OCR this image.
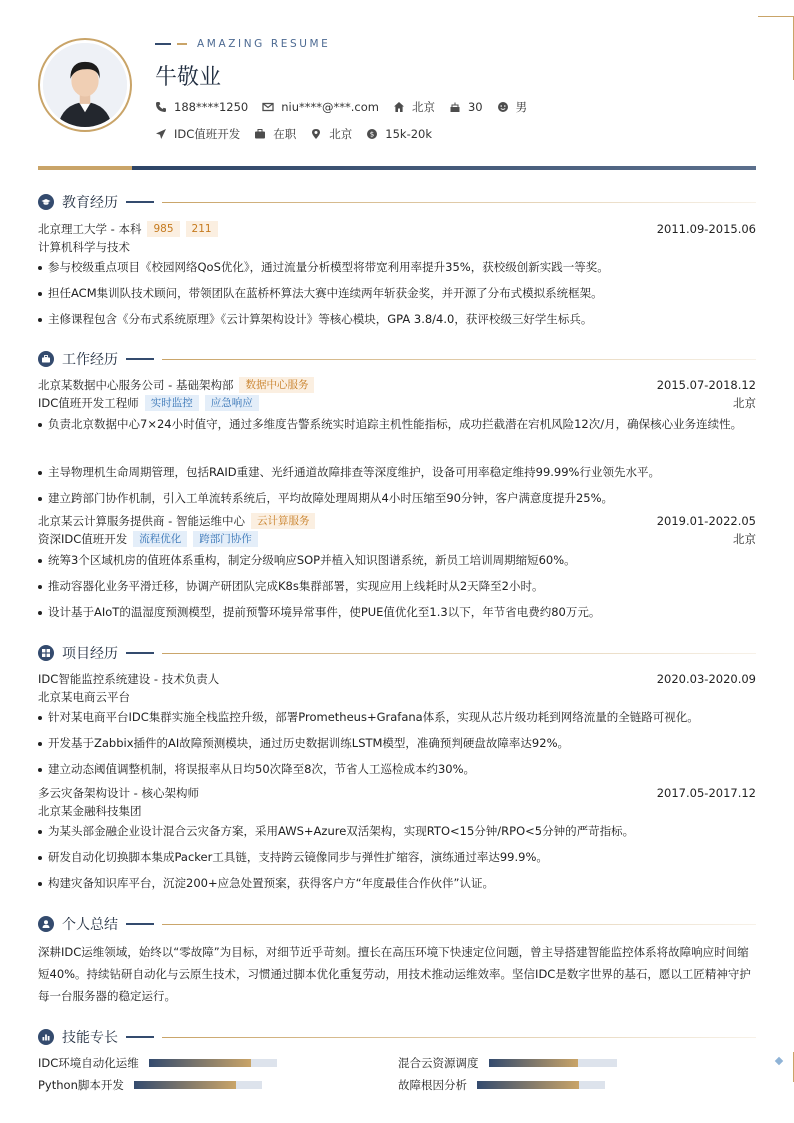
AMAZING RESUME
牛敬业
188****1250	niu****@***.com	北京	30	男
IDC值班开发	在职	北京	$ 15k-20k
教育经历
北京理工大学 - 本科	985	211	2011.09-2015.06
计算机科学与技术
参与校级重点项目《校园网络QoS优化》，通过流量分析模型将带宽利用率提升35%，获校级创新实践一等奖。
担任ACM集训队技术顾问，带领团队在蓝桥杯算法大赛中连续两年斩获金奖，并开源了分布式模拟系统框架。
主修课程包含《分布式系统原理》《云计算架构设计》等核心模块，GPA 3.8/4.0，获评校级三好学生标兵。
工作经历
北京某数据中心服务公司 - 基础架构部	数据中心服务	2015.07-2018.12
IDC值班开发工程师	实时监控	应急响应	北京
负责北京数据中心7×24小时值守，通过多维度告警系统实时追踪主机性能指标，成功拦截潜在宕机风险12次/月，确保核心业务连续性。
主导物理机生命周期管理，包括RAID重建、光纤通道故障排查等深度维护，设备可用率稳定维持99.99%行业领先水平。
建立跨部门协作机制，引入工单流转系统后，平均故障处理周期从4小时压缩至90分钟，客户满意度提升25%。
北京某云计算服务提供商 - 智能运维中心	云计算服务	2019.01-2022.05
资深IDC值班开发	流程优化	跨部门协作	北京
统筹3个区域机房的值班体系重构，制定分级响应SOP并植入知识图谱系统，新员工培训周期缩短60%。
推动容器化业务平滑迁移，协调产研团队完成K8s集群部署，实现应用上线耗时从2天降至2小时。
设计基于AIoT的温湿度预测模型，提前预警环境异常事件，使PUE值优化至1.3以下，年节省电费约80万元。
项目经历
IDC智能监控系统建设 - 技术负责人	2020.03-2020.09
北京某电商云平台
针对某电商平台IDC集群实施全栈监控升级，部署Prometheus+Grafana体系，实现从芯片级功耗到网络流量的全链路可视化。
开发基于Zabbix插件的AI故障预测模块，通过历史数据训练LSTM模型，准确预判硬盘故障率达92%。
建立动态阈值调整机制，将误报率从日均50次降至8次，节省人工巡检成本约30%。
多云灾备架构设计 - 核心架构师	2017.05-2017.12
北京某金融科技集团
为某头部金融企业设计混合云灾备方案，采用AWS+Azure双活架构，实现RTO<15分钟/RPO<5分钟的严苛指标。
研发自动化切换脚本集成Packer工具链，支持跨云镜像同步与弹性扩缩容，演练通过率达99.9%。
构建灾备知识库平台，沉淀200+应急处置预案，获得客户方“年度最佳合作伙伴”认证。
个人总结
深耕IDC运维领域，始终以“零故障”为目标，对细节近乎苛刻。擅长在高压环境下快速定位问题，曾主导搭建智能监控体系将故障响应时间缩短40%。持续钻研自动化与云原生技术，习惯通过脚本优化重复劳动，用技术推动运维效率。坚信IDC是数字世界的基石，愿以工匠精神守护每一台服务器的稳定运行。
技能专长
IDC环境自动化运维	混合云资源调度
Python脚本开发	故障根因分析
